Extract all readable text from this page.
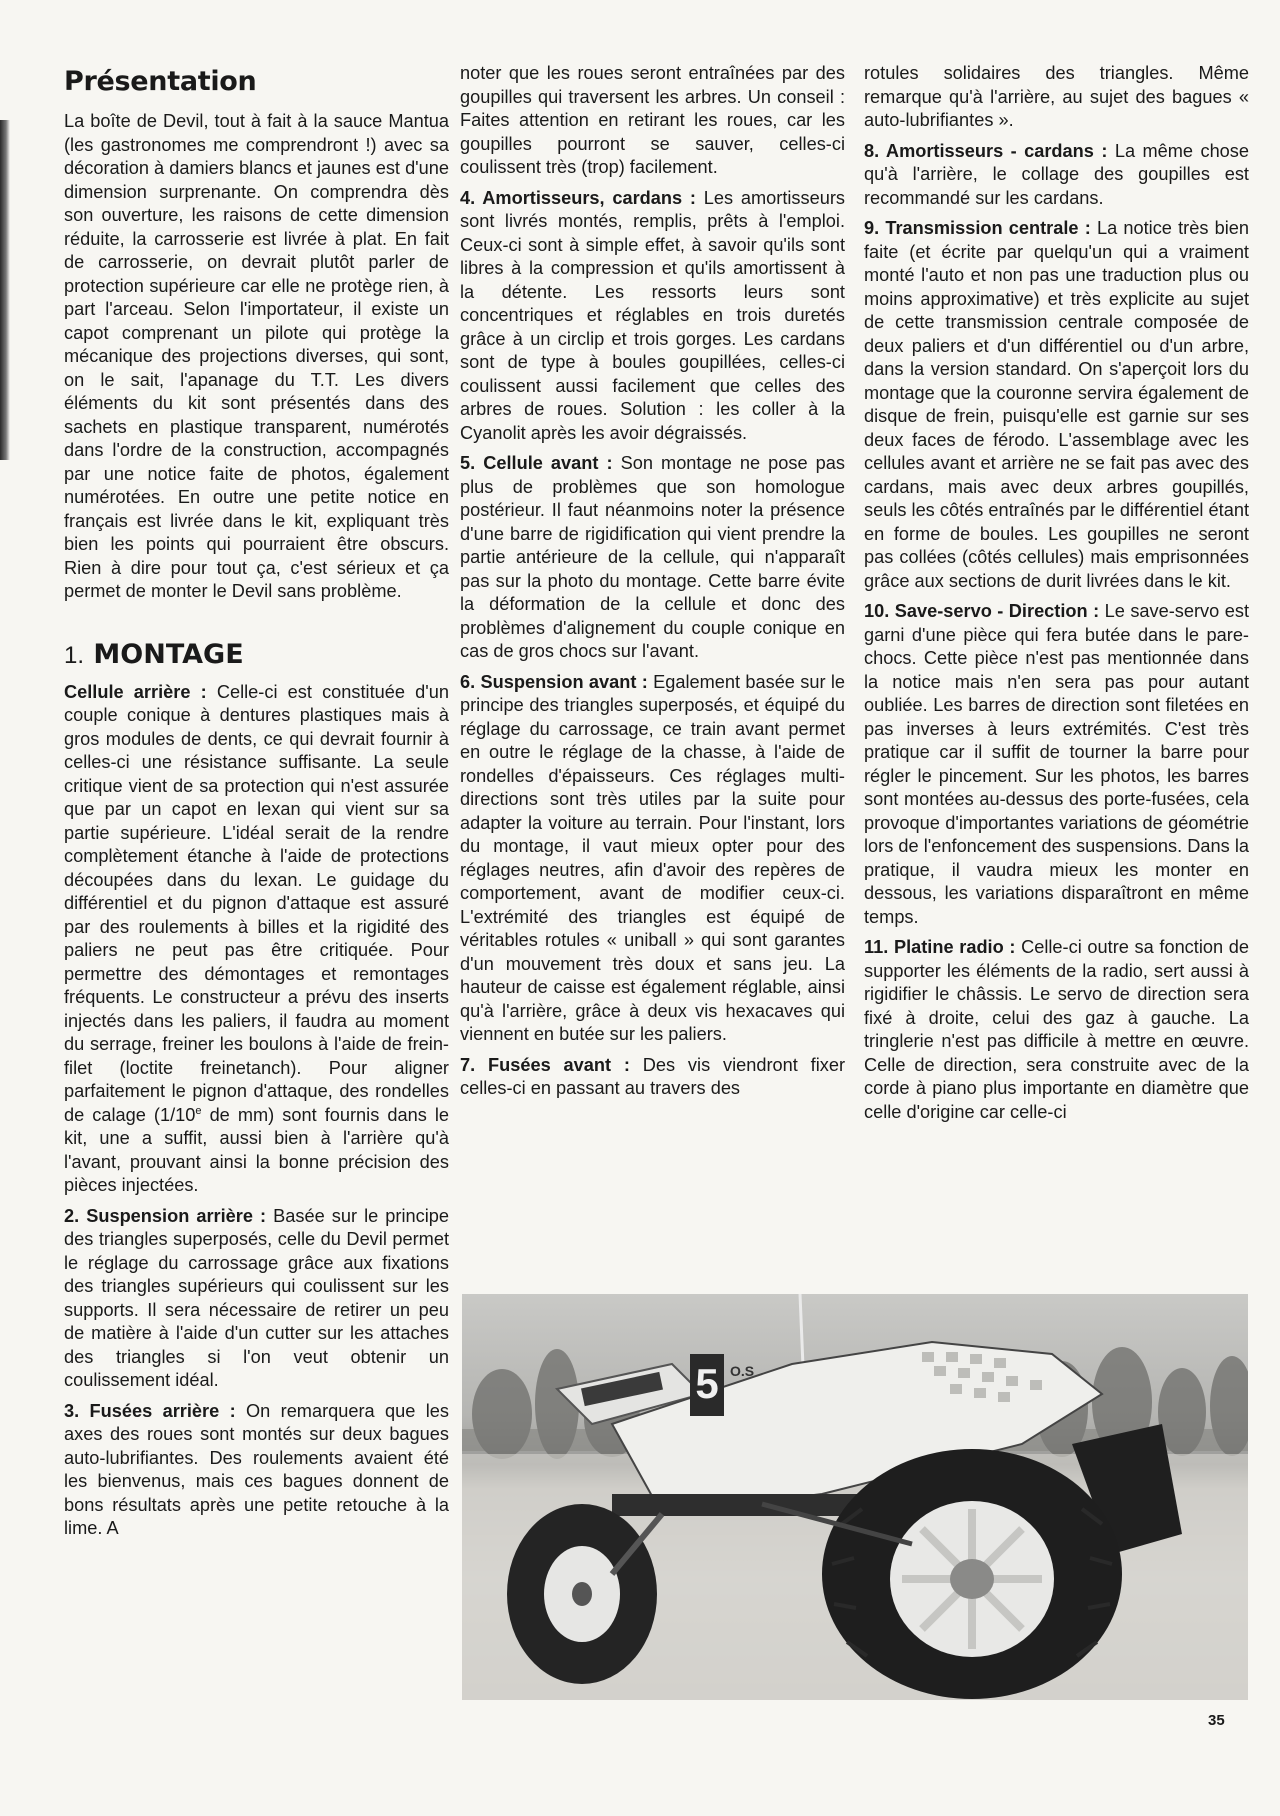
Présentation

La boîte de Devil, tout à fait à la sauce Mantua (les gastronomes me comprendront !) avec sa décoration à damiers blancs et jaunes est d'une dimension surprenante. On comprendra dès son ouverture, les raisons de cette dimension réduite, la carrosserie est livrée à plat. En fait de carrosserie, on devrait plutôt parler de protection supérieure car elle ne protège rien, à part l'arceau. Selon l'importateur, il existe un capot comprenant un pilote qui protège la mécanique des projections diverses, qui sont, on le sait, l'apanage du T.T. Les divers éléments du kit sont présentés dans des sachets en plastique transparent, numérotés dans l'ordre de la construction, accompagnés par une notice faite de photos, également numérotées. En outre une petite notice en français est livrée dans le kit, expliquant très bien les points qui pourraient être obscurs. Rien à dire pour tout ça, c'est sérieux et ça permet de monter le Devil sans problème.

1. MONTAGE

Cellule arrière : Celle-ci est constituée d'un couple conique à dentures plastiques mais à gros modules de dents, ce qui devrait fournir à celles-ci une résistance suffisante. La seule critique vient de sa protection qui n'est assurée que par un capot en lexan qui vient sur sa partie supérieure. L'idéal serait de la rendre complètement étanche à l'aide de protections découpées dans du lexan. Le guidage du différentiel et du pignon d'attaque est assuré par des roulements à billes et la rigidité des paliers ne peut pas être critiquée. Pour permettre des démontages et remontages fréquents. Le constructeur a prévu des inserts injectés dans les paliers, il faudra au moment du serrage, freiner les boulons à l'aide de frein-filet (loctite freinetanch). Pour aligner parfaitement le pignon d'attaque, des rondelles de calage (1/10e de mm) sont fournis dans le kit, une a suffit, aussi bien à l'arrière qu'à l'avant, prouvant ainsi la bonne précision des pièces injectées.

2. Suspension arrière : Basée sur le principe des triangles superposés, celle du Devil permet le réglage du carrossage grâce aux fixations des triangles supérieurs qui coulissent sur les supports. Il sera nécessaire de retirer un peu de matière à l'aide d'un cutter sur les attaches des triangles si l'on veut obtenir un coulissement idéal.

3. Fusées arrière : On remarquera que les axes des roues sont montés sur deux bagues auto-lubrifiantes. Des roulements avaient été les bienvenus, mais ces bagues donnent de bons résultats après une petite retouche à la lime. A

noter que les roues seront entraînées par des goupilles qui traversent les arbres. Un conseil : Faites attention en retirant les roues, car les goupilles pourront se sauver, celles-ci coulissent très (trop) facilement.

4. Amortisseurs, cardans : Les amortisseurs sont livrés montés, remplis, prêts à l'emploi. Ceux-ci sont à simple effet, à savoir qu'ils sont libres à la compression et qu'ils amortissent à la détente. Les ressorts leurs sont concentriques et réglables en trois duretés grâce à un circlip et trois gorges. Les cardans sont de type à boules goupillées, celles-ci coulissent aussi facilement que celles des arbres de roues. Solution : les coller à la Cyanolit après les avoir dégraissés.

5. Cellule avant : Son montage ne pose pas plus de problèmes que son homologue postérieur. Il faut néanmoins noter la présence d'une barre de rigidification qui vient prendre la partie antérieure de la cellule, qui n'apparaît pas sur la photo du montage. Cette barre évite la déformation de la cellule et donc des problèmes d'alignement du couple conique en cas de gros chocs sur l'avant.

6. Suspension avant : Egalement basée sur le principe des triangles superposés, et équipé du réglage du carrossage, ce train avant permet en outre le réglage de la chasse, à l'aide de rondelles d'épaisseurs. Ces réglages multi-directions sont très utiles par la suite pour adapter la voiture au terrain. Pour l'instant, lors du montage, il vaut mieux opter pour des réglages neutres, afin d'avoir des repères de comportement, avant de modifier ceux-ci. L'extrémité des triangles est équipé de véritables rotules « uniball » qui sont garantes d'un mouvement très doux et sans jeu. La hauteur de caisse est également réglable, ainsi qu'à l'arrière, grâce à deux vis hexacaves qui viennent en butée sur les paliers.

7. Fusées avant : Des vis viendront fixer celles-ci en passant au travers des

rotules solidaires des triangles. Même remarque qu'à l'arrière, au sujet des bagues « auto-lubrifiantes ».

8. Amortisseurs - cardans : La même chose qu'à l'arrière, le collage des goupilles est recommandé sur les cardans.

9. Transmission centrale : La notice très bien faite (et écrite par quelqu'un qui a vraiment monté l'auto et non pas une traduction plus ou moins approximative) et très explicite au sujet de cette transmission centrale composée de deux paliers et d'un différentiel ou d'un arbre, dans la version standard. On s'aperçoit lors du montage que la couronne servira également de disque de frein, puisqu'elle est garnie sur ses deux faces de férodo. L'assemblage avec les cellules avant et arrière ne se fait pas avec des cardans, mais avec deux arbres goupillés, seuls les côtés entraînés par le différentiel étant en forme de boules. Les goupilles ne seront pas collées (côtés cellules) mais emprisonnées grâce aux sections de durit livrées dans le kit.

10. Save-servo - Direction : Le save-servo est garni d'une pièce qui fera butée dans le pare-chocs. Cette pièce n'est pas mentionnée dans la notice mais n'en sera pas pour autant oubliée. Les barres de direction sont filetées en pas inverses à leurs extrémités. C'est très pratique car il suffit de tourner la barre pour régler le pincement. Sur les photos, les barres sont montées au-dessus des porte-fusées, cela provoque d'importantes variations de géométrie lors de l'enfoncement des suspensions. Dans la pratique, il vaudra mieux les monter en dessous, les variations disparaîtront en même temps.

11. Platine radio : Celle-ci outre sa fonction de supporter les éléments de la radio, sert aussi à rigidifier le châssis. Le servo de direction sera fixé à droite, celui des gaz à gauche. La tringlerie n'est pas difficile à mettre en œuvre. Celle de direction, sera construite avec de la corde à piano plus importante en diamètre que celle d'origine car celle-ci

5 O.S
35
